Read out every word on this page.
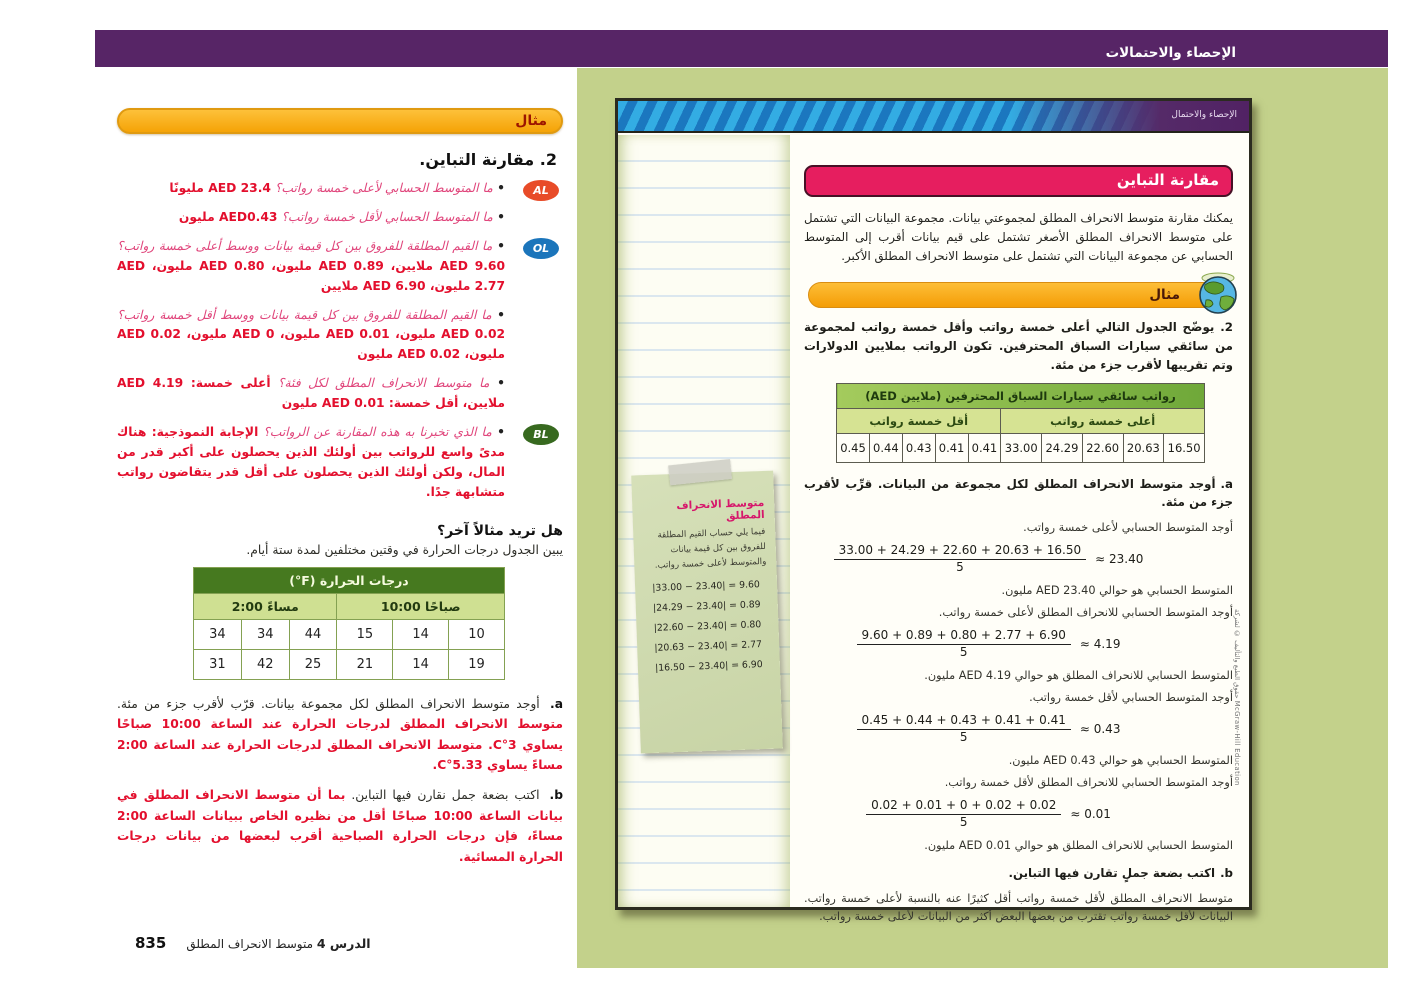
الإحصاء والاحتمالات
مثال
2. مقارنة التباين.
AL

• ما المتوسط الحسابي لأعلى خمسة رواتب؟ AED 23.4 مليونًا

• ما المتوسط الحسابي لأقل خمسة رواتب؟ AED0.43 مليون

OL

• ما القيم المطلقة للفروق بين كل قيمة بيانات ووسط أعلى خمسة رواتب؟ AED 9.60 ملايين، AED 0.89 مليون، AED 0.80 مليون، AED 2.77 مليون، AED 6.90 ملايين

• ما القيم المطلقة للفروق بين كل قيمة بيانات ووسط أقل خمسة رواتب؟ AED 0.02 مليون، AED 0.01 مليون، AED 0 مليون، AED 0.02 مليون، AED 0.02 مليون

• ما متوسط الانحراف المطلق لكل فئة؟ أعلى خمسة: AED 4.19 ملايين، أقل خمسة: AED 0.01 مليون

BL

• ما الذي تخبرنا به هذه المقارنة عن الرواتب؟ الإجابة النموذجية: هناك مدىً واسع للرواتب بين أولئك الذين يحصلون على أكبر قدر من المال، ولكن أولئك الذين يحصلون على أقل قدر يتقاضون رواتب متشابهة جدًا.

هل تريد مثالاً آخر؟
يبين الجدول درجات الحرارة في وقتين مختلفين لمدة ستة أيام.
درجات الحرارة (F°)					
2:00 مساءً			10:00 صباحًا		
34	34	44	15	14	10
31	42	25	21	14	19

a. أوجد متوسط الانحراف المطلق لكل مجموعة بيانات. قرّب لأقرب جزء من مئة. متوسط الانحراف المطلق لدرجات الحرارة عند الساعة 10:00 صباحًا يساوي 3°C. متوسط الانحراف المطلق لدرجات الحرارة عند الساعة 2:00 مساءً يساوي 5.33°C.

b. اكتب بضعة جمل نقارن فيها التباين. بما أن متوسط الانحراف المطلق في بيانات الساعة 10:00 صباحًا أقل من نظيره الخاص ببيانات الساعة 2:00 مساءً، فإن درجات الحرارة الصباحية أقرب لبعضها من بيانات درجات الحرارة المسائية.

835	الدرس 4 متوسط الانحراف المطلق
الإحصاء والاحتمال
متوسط الانحراف المطلق
فيما يلي حساب القيم المطلقة للفروق بين كل قيمة بيانات والمتوسط لأعلى خمسة رواتب.
|33.00 − 23.40| = 9.60
|24.29 − 23.40| = 0.89
|22.60 − 23.40| = 0.80
|20.63 − 23.40| = 2.77
|16.50 − 23.40| = 6.90
مقارنة التباين

يمكنك مقارنة متوسط الانحراف المطلق لمجموعتي بيانات. مجموعة البيانات التي تشتمل على متوسط الانحراف المطلق الأصغر تشتمل على قيم بيانات أقرب إلى المتوسط الحسابي عن مجموعة البيانات التي تشتمل على متوسط الانحراف المطلق الأكبر.

مثال

2.يوضّح الجدول التالي أعلى خمسة رواتب وأقل خمسة رواتب لمجموعة من سائقي سيارات السباق المحترفين. تكون الرواتب بملايين الدولارات وتم تقريبها لأقرب جزء من مئة.

رواتب سائقي سيارات السباق المحترفين (ملايين AED)									
أقل خمسة رواتب					أعلى خمسة رواتب				
0.45	0.44	0.43	0.41	0.41	33.00	24.29	22.60	20.63	16.50

a.أوجد متوسط الانحراف المطلق لكل مجموعة من البيانات. قرِّب لأقرب جزء من مئة.

أوجد المتوسط الحسابي لأعلى خمسة رواتب.

$\frac{33.00 + 24.29 + 22.60 + 20.63 + 16.50}{5} \approx 23.40$

المتوسط الحسابي هو حوالي AED 23.40 مليون.

أوجد المتوسط الحسابي للانحراف المطلق لأعلى خمسة رواتب.

$\frac{9.60 + 0.89 + 0.80 + 2.77 + 6.90}{5} \approx 4.19$

المتوسط الحسابي للانحراف المطلق هو حوالي AED 4.19 مليون.

أوجد المتوسط الحسابي لأقل خمسة رواتب.

$\frac{0.45 + 0.44 + 0.43 + 0.41 + 0.41}{5} \approx 0.43$

المتوسط الحسابي هو حوالي AED 0.43 مليون.

أوجد المتوسط الحسابي للانحراف المطلق لأقل خمسة رواتب.

$\frac{0.02 + 0.01 + 0 + 0.02 + 0.02}{5} \approx 0.01$

المتوسط الحسابي للانحراف المطلق هو حوالي AED 0.01 مليون.

b.اكتب بضعة جملٍ تقارن فيها التباين.

متوسط الانحراف المطلق لأقل خمسة رواتب أقل كثيرًا عنه بالنسبة لأعلى خمسة رواتب. البيانات لأقل خمسة رواتب تقترب من بعضها البعض أكثر من البيانات لأعلى خمسة رواتب.

حقوق الطبع والتأليف © لشركة McGraw-Hill Education
